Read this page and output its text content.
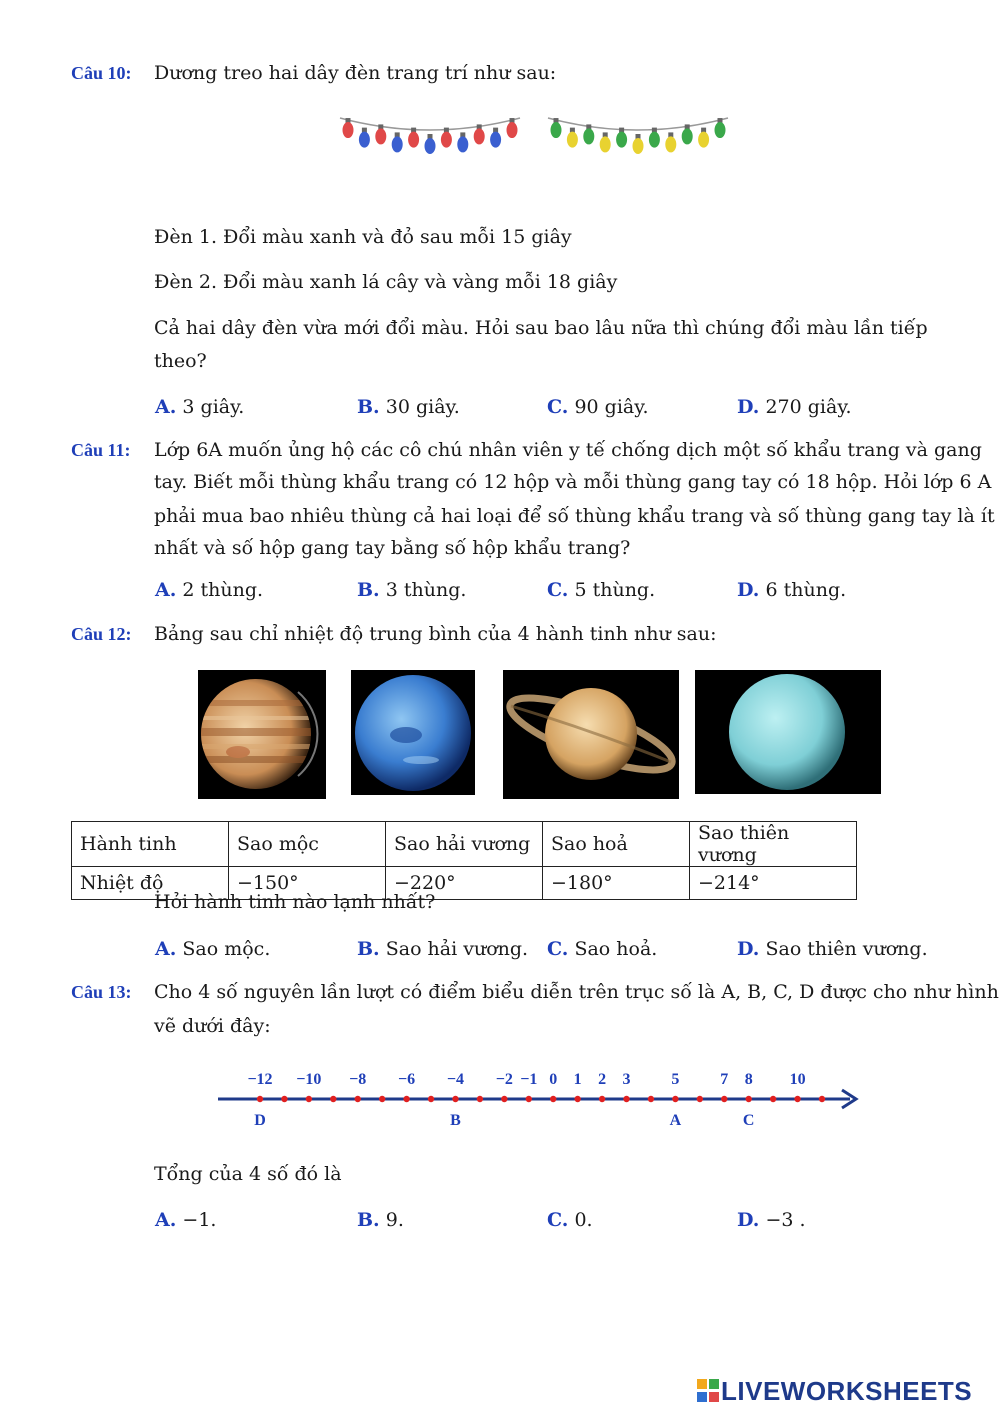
Câu 10: Dương treo hai dây đèn trang trí như sau:
Đèn 1. Đổi màu xanh và đỏ sau mỗi 15 giây
Đèn 2. Đổi màu xanh lá cây và vàng mỗi 18 giây
Cả hai dây đèn vừa mới đổi màu. Hỏi sau bao lâu nữa thì chúng đổi màu lần tiếp
theo?
A. 3 giây.	B. 30 giây.	C. 90 giây.	D. 270 giây.
Câu 11: Lớp 6A muốn ủng hộ các cô chú nhân viên y tế chống dịch một số khẩu trang và gang
tay. Biết mỗi thùng khẩu trang có 12 hộp và mỗi thùng gang tay có 18 hộp. Hỏi lớp 6 A
phải mua bao nhiêu thùng cả hai loại để số thùng khẩu trang và số thùng gang tay là ít
nhất và số hộp gang tay bằng số hộp khẩu trang?
A. 2 thùng.	B. 3 thùng.	C. 5 thùng.	D. 6 thùng.
Câu 12: Bảng sau chỉ nhiệt độ trung bình của 4 hành tinh như sau:
Hành tinh	Sao mộc	Sao hải vương	Sao hoả	Sao thiên vương
Nhiệt độ	−150°	−220°	−180°	−214°
Hỏi hành tinh nào lạnh nhất?
A. Sao mộc.	B. Sao hải vương. C. Sao hoả.	D. Sao thiên vương.
Câu 13: Cho 4 số nguyên lần lượt có điểm biểu diễn trên trục số là A, B, C, D được cho như hình
vẽ dưới đây:
−12 −10 −8 −6 −4 −2 −1 0 1 2 3	5	7 8 10
D	B	A	C
Tổng của 4 số đó là
A. −1.	B. 9.	C. 0.	D. −3 .
LIVEWORKSHEETS
